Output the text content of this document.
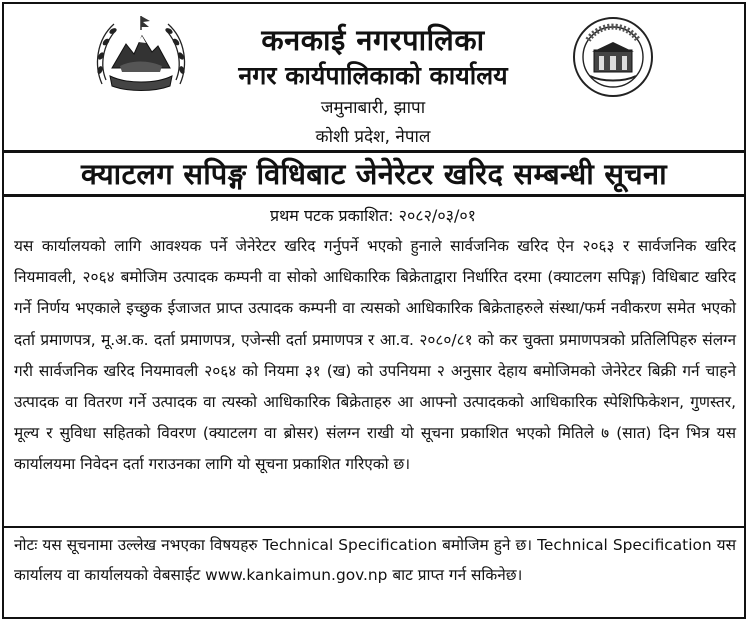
कनकाई नगरपालिका
नगर कार्यपालिकाको कार्यालय
जमुनाबारी, झापा
कोशी प्रदेश, नेपाल
क्याटलग सपिङ्ग विधिबाट जेनेरेटर खरिद सम्बन्धी सूचना
प्रथम पटक प्रकाशित: २०८२/०३/०१
यस कार्यालयको लागि आवश्यक पर्ने जेनेरेटर खरिद गर्नुपर्ने भएको हुनाले सार्वजनिक खरिद ऐन २०६३ र सार्वजनिक खरिद नियमावली, २०६४ बमोजिम उत्पादक कम्पनी वा सोको आधिकारिक बिक्रेताद्वारा निर्धारित दरमा (क्याटलग सपिङ्ग) विधिबाट खरिद गर्ने निर्णय भएकाले इच्छुक ईजाजत प्राप्त उत्पादक कम्पनी वा त्यसको आधिकारिक बिक्रेताहरुले संस्था/फर्म नवीकरण समेत भएको दर्ता प्रमाणपत्र, मू.अ.क. दर्ता प्रमाणपत्र, एजेन्सी दर्ता प्रमाणपत्र र आ.व. २०८०/८१ को कर चुक्ता प्रमाणपत्रको प्रतिलिपिहरु संलग्न गरी सार्वजनिक खरिद नियमावली २०६४ को नियमा ३१ (ख) को उपनियमा २ अनुसार देहाय बमोजिमको जेनेरेटर बिक्री गर्न चाहने उत्पादक वा वितरण गर्ने उत्पादक वा त्यस्को आधिकारिक बिक्रेताहरु आ आफ्नो उत्पादकको आधिकारिक स्पेशिफिकेशन, गुणस्तर, मूल्य र सुविधा सहितको विवरण (क्याटलग वा ब्रोसर) संलग्न राखी यो सूचना प्रकाशित भएको मितिले ७ (सात) दिन भित्र यस कार्यालयमा निवेदन दर्ता गराउनका लागि यो सूचना प्रकाशित गरिएको छ।
नोटः यस सूचनामा उल्लेख नभएका विषयहरु Technical Specification बमोजिम हुने छ। Technical Specification यस कार्यालय वा कार्यालयको वेबसाईट www.kankaimun.gov.np बाट प्राप्त गर्न सकिनेछ।
